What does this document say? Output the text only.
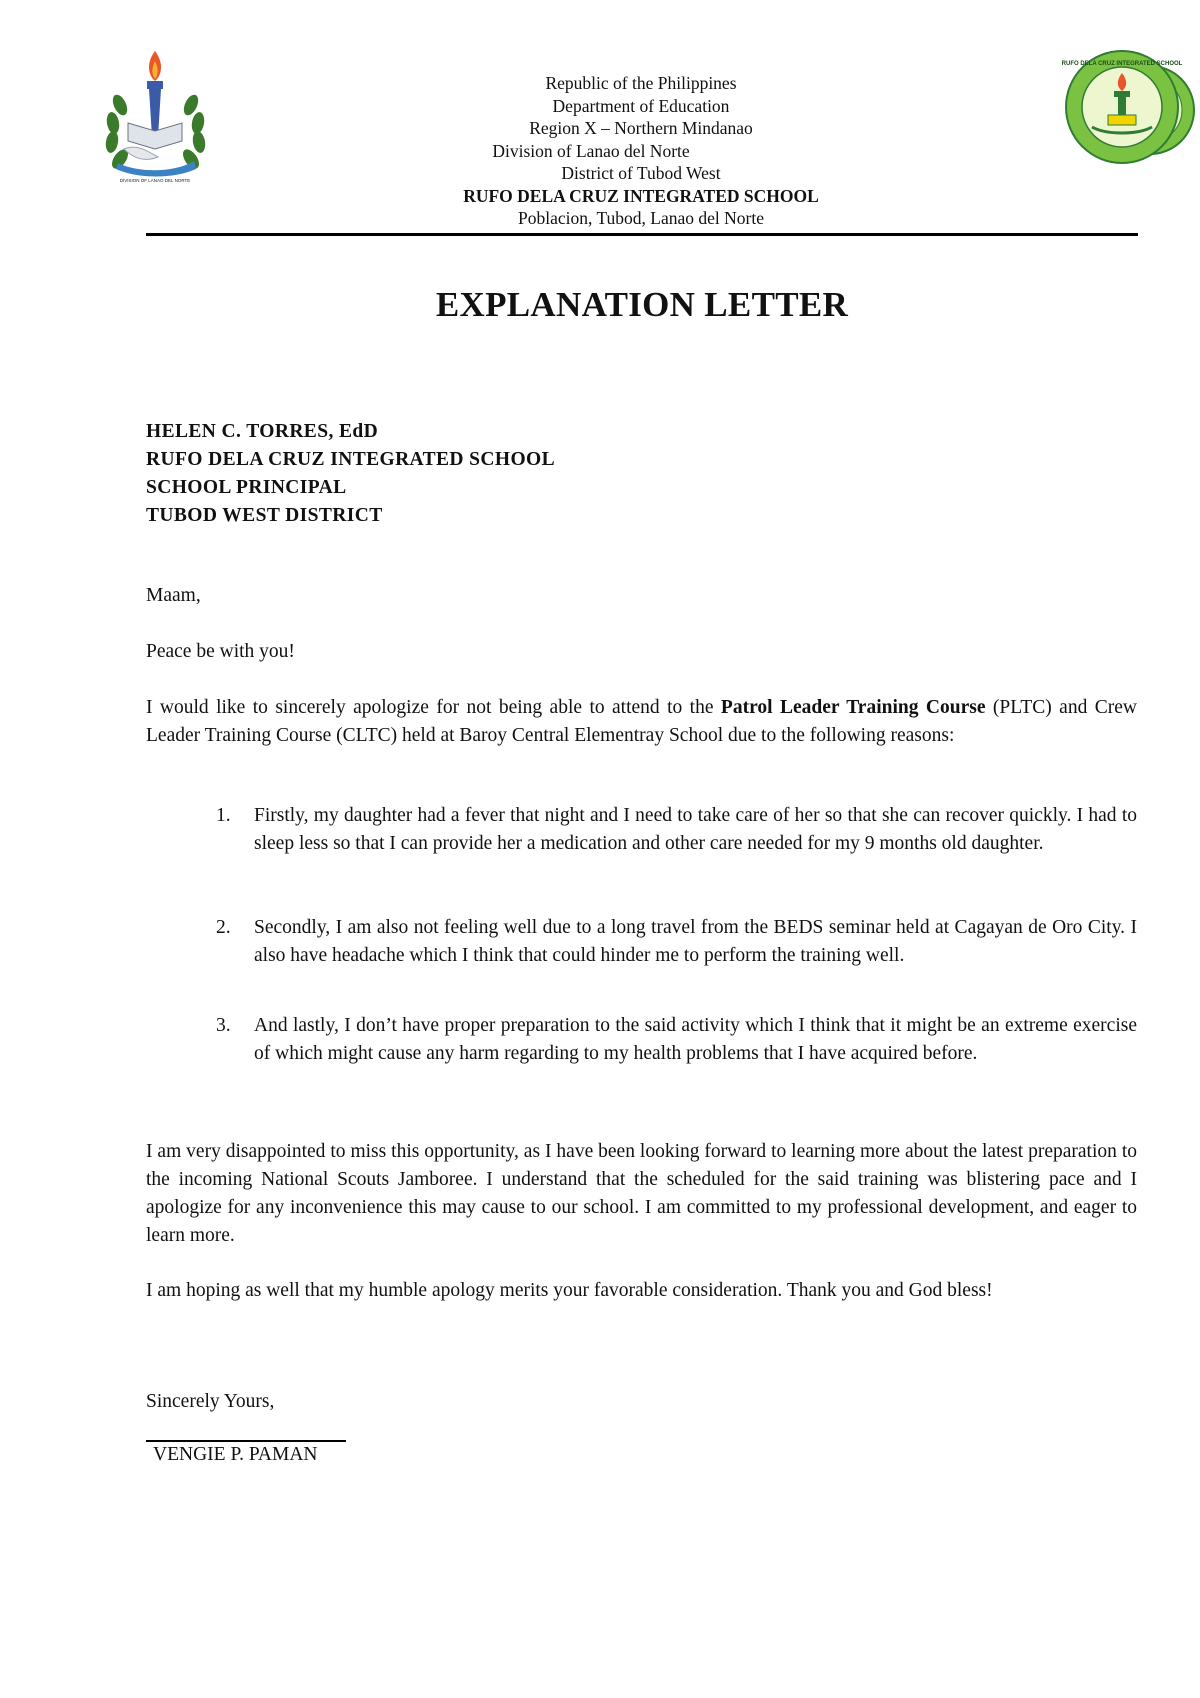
DIVISION OF LANAO DEL NORTE
RUFO DELA CRUZ INTEGRATED SCHOOL
Republic of the Philippines
Department of Education
Region X – Northern Mindanao
Division of Lanao del Norte
District of Tubod West
RUFO DELA CRUZ INTEGRATED SCHOOL
Poblacion, Tubod, Lanao del Norte
EXPLANATION LETTER
HELEN C. TORRES, EdD
RUFO DELA CRUZ INTEGRATED SCHOOL
SCHOOL PRINCIPAL
TUBOD WEST DISTRICT
Maam,
Peace be with you!
I would like to sincerely apologize for not being able to attend to the Patrol Leader Training Course (PLTC) and Crew Leader Training Course (CLTC) held at Baroy Central Elementray School due to the following reasons:
1. Firstly, my daughter had a fever that night and I need to take care of her so that she can recover quickly. I had to sleep less so that I can provide her a medication and other care needed for my 9 months old daughter.
2. Secondly, I am also not feeling well due to a long travel from the BEDS seminar held at Cagayan de Oro City. I also have headache which I think that could hinder me to perform the training well.
3. And lastly, I don’t have proper preparation to the said activity which I think that it might be an extreme exercise of which might cause any harm regarding to my health problems that I have acquired before.
I am very disappointed to miss this opportunity, as I have been looking forward to learning more about the latest preparation to the incoming National Scouts Jamboree. I understand that the scheduled for the said training was blistering pace and I apologize for any inconvenience this may cause to our school. I am committed to my professional development, and eager to learn more.
I am hoping as well that my humble apology merits your favorable consideration. Thank you and God bless!
Sincerely Yours,
VENGIE P. PAMAN
